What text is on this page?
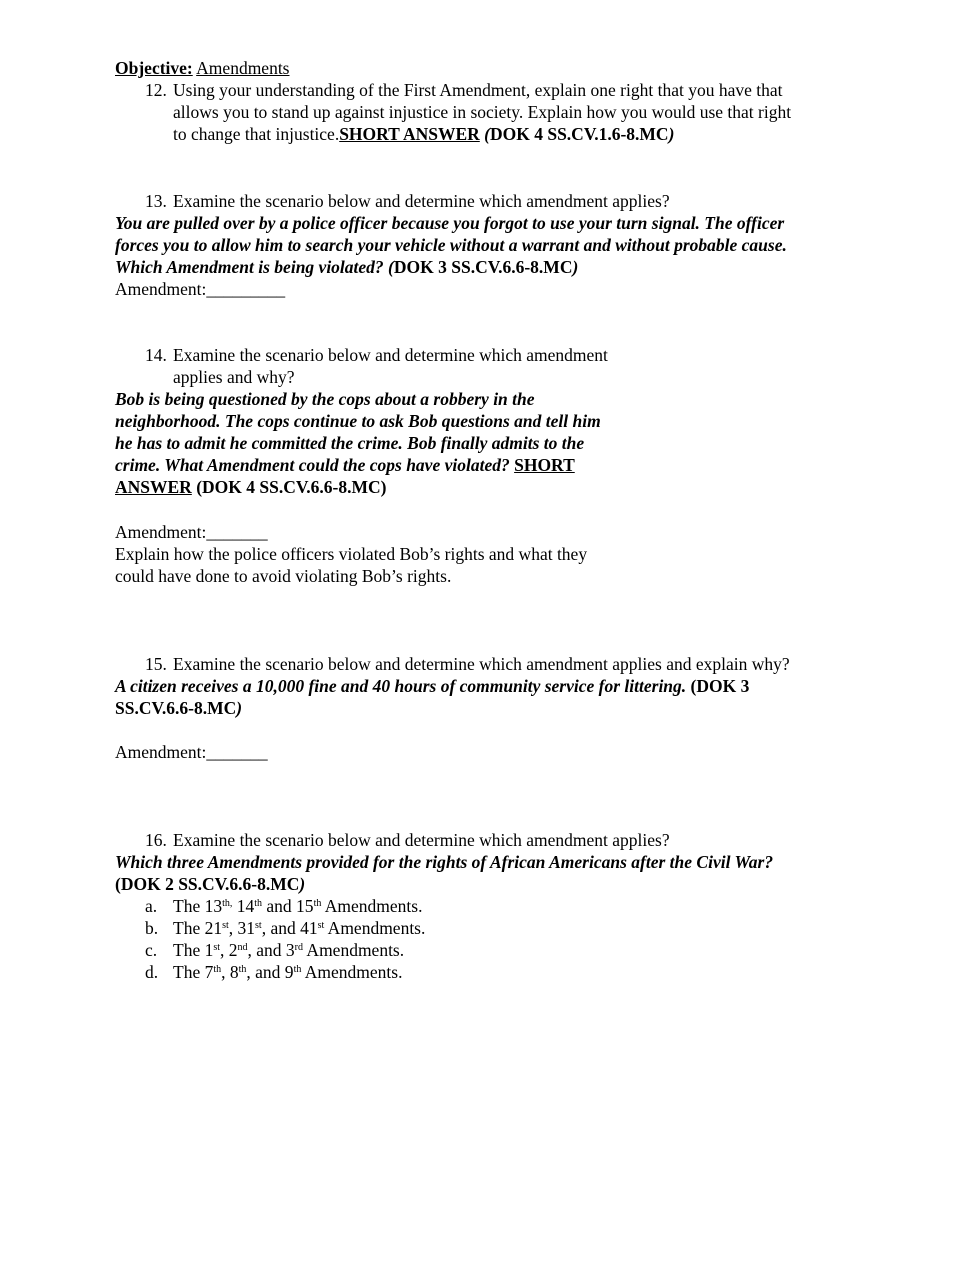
Objective: Amendments
12. Using your understanding of the First Amendment, explain one right that you have that
allows you to stand up against injustice in society. Explain how you would use that right
to change that injustice.SHORT ANSWER (DOK 4 SS.CV.1.6-8.MC)
13. Examine the scenario below and determine which amendment applies?
You are pulled over by a police officer because you forgot to use your turn signal. The officer
forces you to allow him to search your vehicle without a warrant and without probable cause.
Which Amendment is being violated? (DOK 3 SS.CV.6.6-8.MC)
Amendment:_________
14. Examine the scenario below and determine which amendment
applies and why?
Bob is being questioned by the cops about a robbery in the
neighborhood. The cops continue to ask Bob questions and tell him
he has to admit he committed the crime. Bob finally admits to the
crime. What Amendment could the cops have violated? SHORT
ANSWER (DOK 4 SS.CV.6.6-8.MC)
Amendment:_______
Explain how the police officers violated Bob’s rights and what they
could have done to avoid violating Bob’s rights.
15. Examine the scenario below and determine which amendment applies and explain why?
A citizen receives a 10,000 fine and 40 hours of community service for littering. (DOK 3
SS.CV.6.6-8.MC)
Amendment:_______
16. Examine the scenario below and determine which amendment applies?
Which three Amendments provided for the rights of African Americans after the Civil War?
(DOK 2 SS.CV.6.6-8.MC)
a. The $13^{th,}$ 14th and 15th Amendments.
b. The 21st, 31st, and 41st Amendments.
c. The 1st, 2nd, and 3rd Amendments.
d. The 7th, 8th, and 9th Amendments.
